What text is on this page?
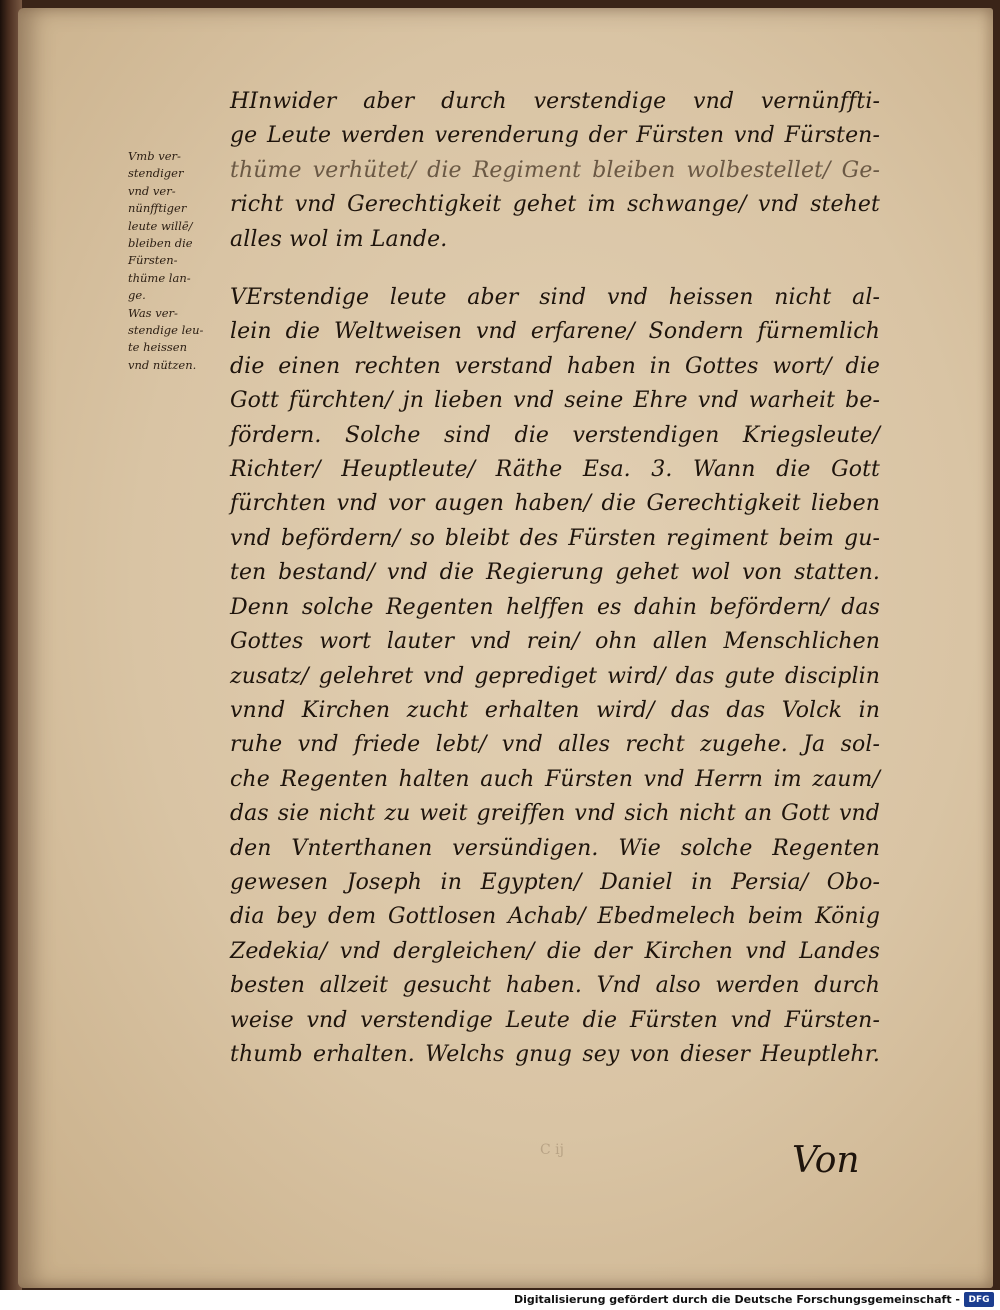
HInwider aber durch verstendige vnd vernünffti-
ge Leute werden verenderung der Fürsten vnd Fürsten-
thüme verhütet/ die Regiment bleiben wolbestellet/ Ge-
richt vnd Gerechtigkeit gehet im schwange/ vnd stehet
alles wol im Lande.
VErstendige leute aber sind vnd heissen nicht al-
lein die Weltweisen vnd erfarene/ Sondern fürnemlich
die einen rechten verstand haben in Gottes wort/ die
Gott fürchten/ jn lieben vnd seine Ehre vnd warheit be-
fördern. Solche sind die verstendigen Kriegsleute/
Richter/ Heuptleute/ Räthe Esa. 3. Wann die Gott
fürchten vnd vor augen haben/ die Gerechtigkeit lieben
vnd befördern/ so bleibt des Fürsten regiment beim gu-
ten bestand/ vnd die Regierung gehet wol von statten.
Denn solche Regenten helffen es dahin befördern/ das
Gottes wort lauter vnd rein/ ohn allen Menschlichen
zusatz/ gelehret vnd geprediget wird/ das gute disciplin
vnnd Kirchen zucht erhalten wird/ das das Volck in
ruhe vnd friede lebt/ vnd alles recht zugehe. Ja sol-
che Regenten halten auch Fürsten vnd Herrn im zaum/
das sie nicht zu weit greiffen vnd sich nicht an Gott vnd
den Vnterthanen versündigen. Wie solche Regenten
gewesen Joseph in Egypten/ Daniel in Persia/ Obo-
dia bey dem Gottlosen Achab/ Ebedmelech beim König
Zedekia/ vnd dergleichen/ die der Kirchen vnd Landes
besten allzeit gesucht haben. Vnd also werden durch
weise vnd verstendige Leute die Fürsten vnd Fürsten-
thumb erhalten. Welchs gnug sey von dieser Heuptlehr.
Vmb ver-
stendiger
vnd ver-
nünfftiger
leute willē/
bleiben die
Fürsten-
thüme lan-
ge.
Was ver-
stendige leu-
te heissen
vnd nützen.
C ij	Von
Digitalisierung gefördert durch die Deutsche Forschungsgemeinschaft - DFG
